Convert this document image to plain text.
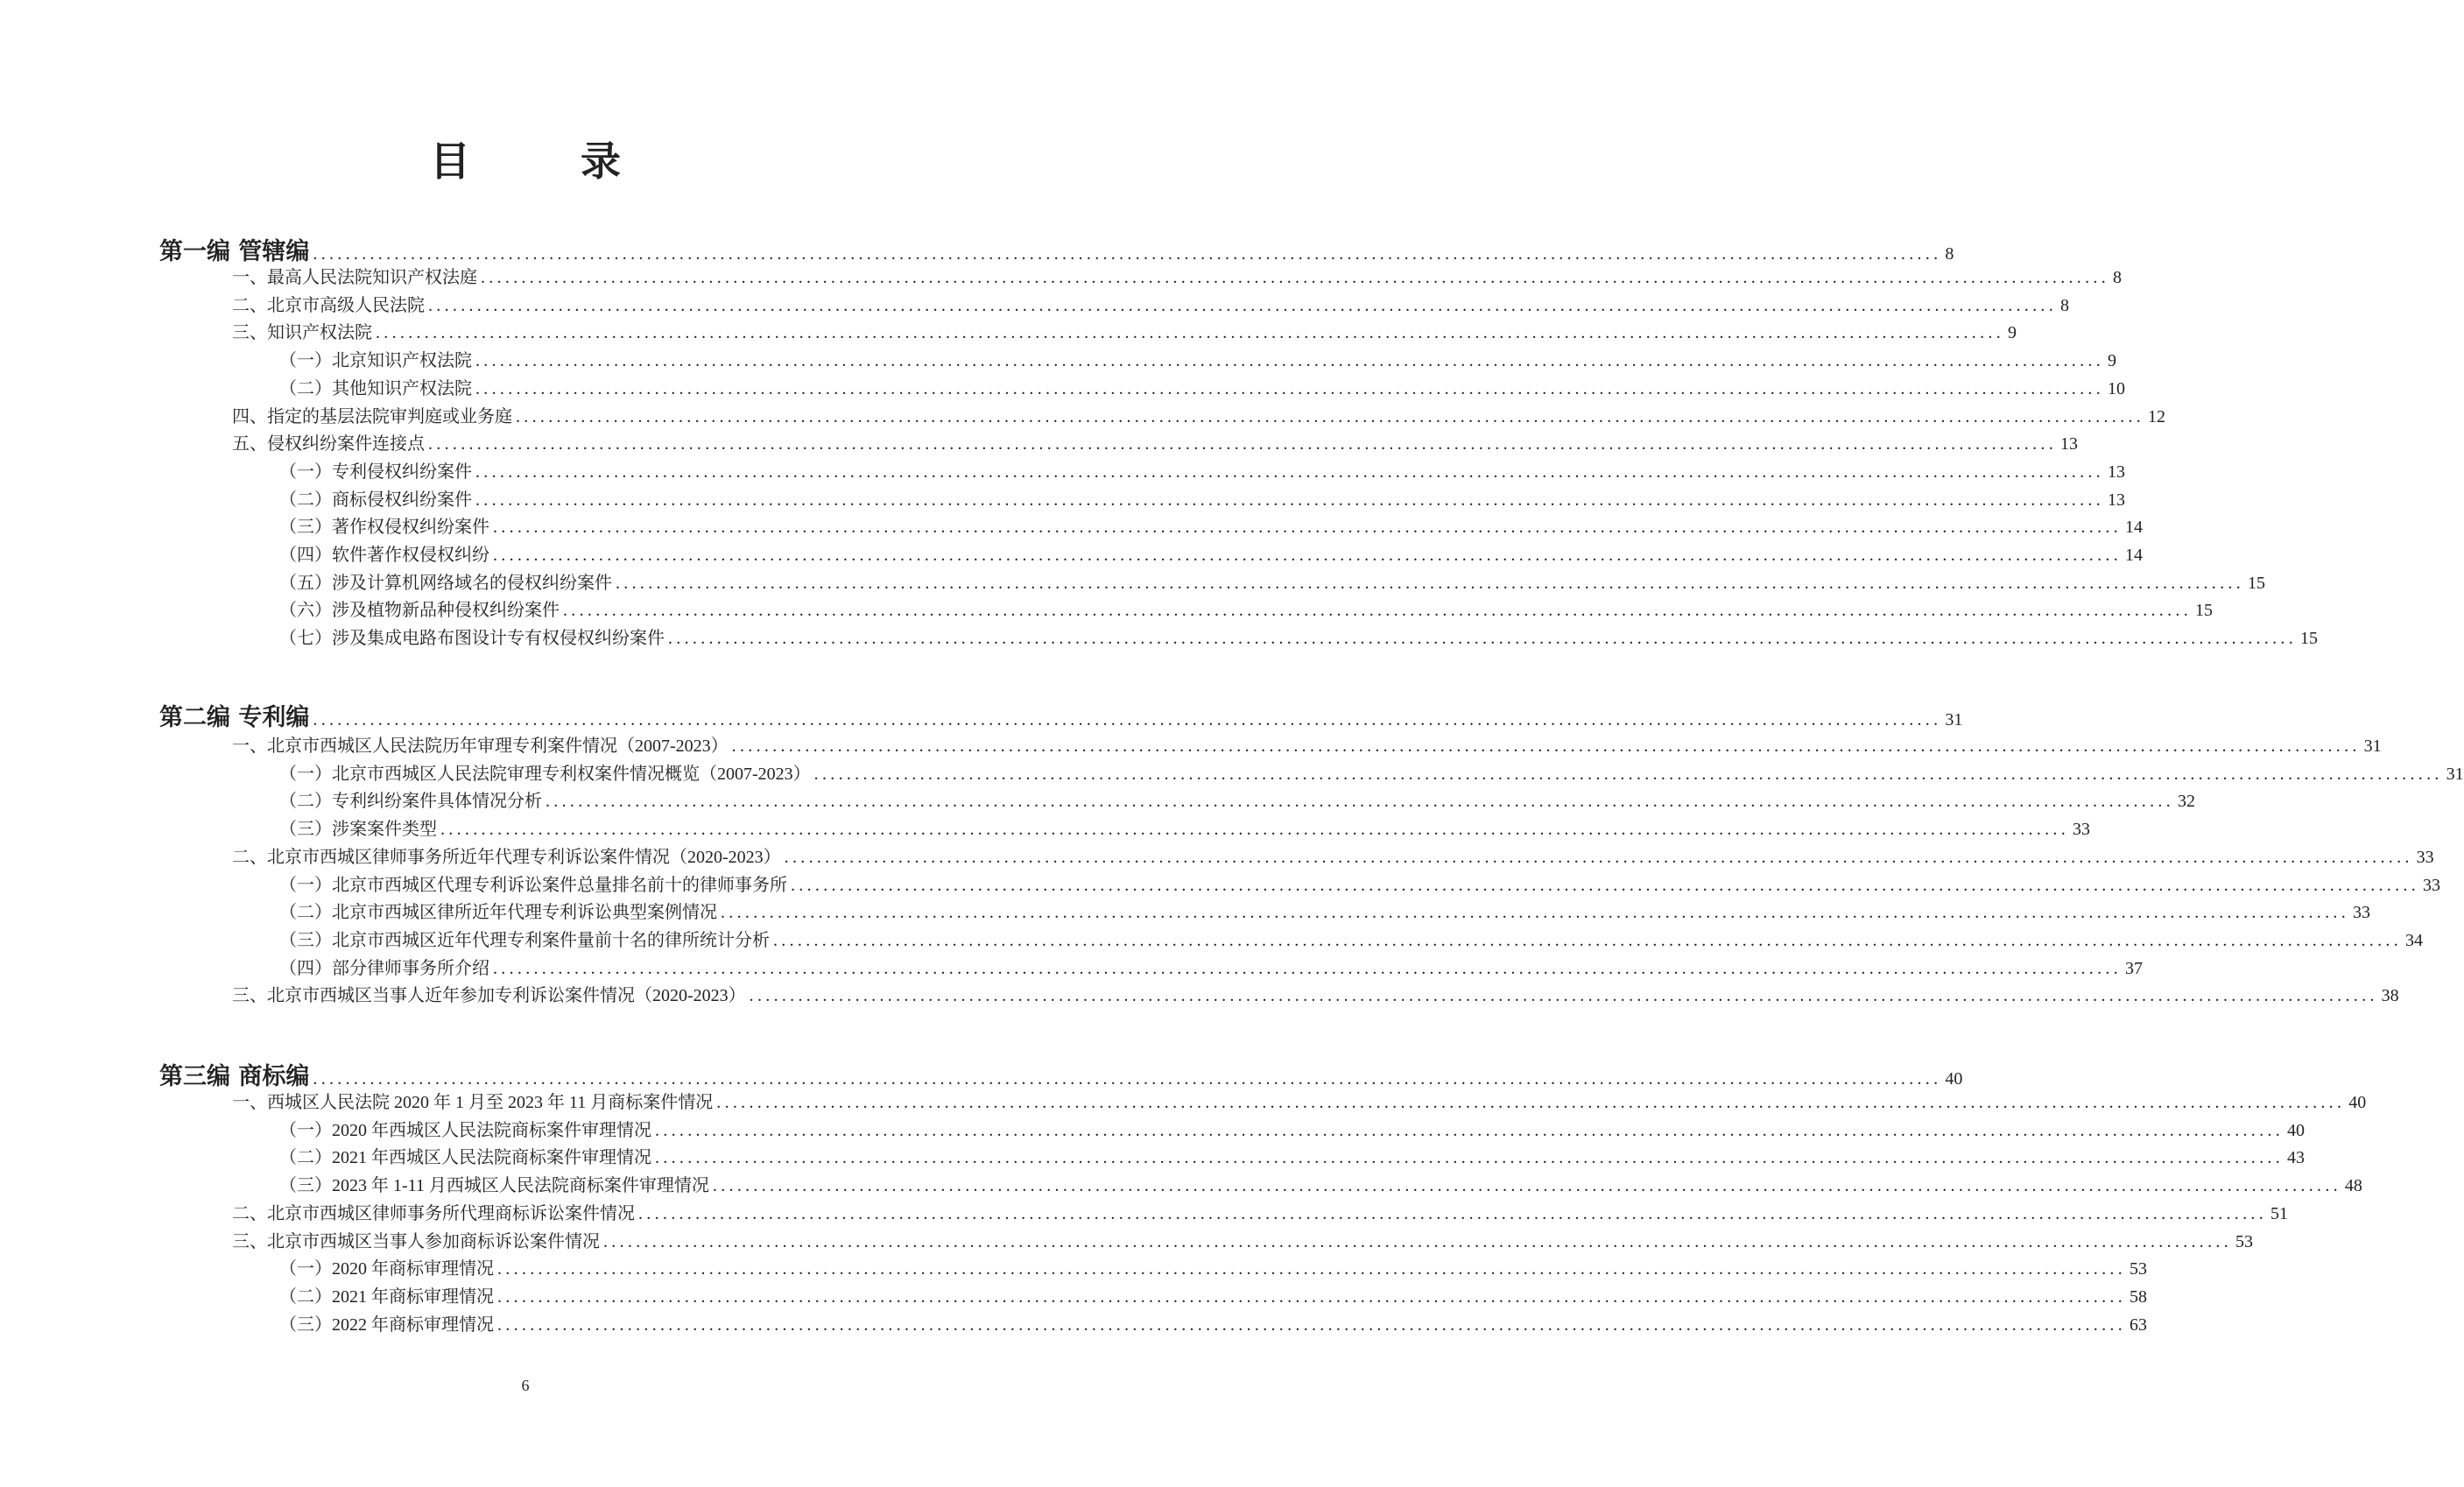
目　录
第一编 管辖编 ........................................................................................................................................................................................................ 8
一、 最高人民法院知识产权法庭 ........................................................................................................................................................................................................ 8
二、 北京市高级人民法院 ........................................................................................................................................................................................................ 8
三、 知识产权法院 ........................................................................................................................................................................................................ 9
（一） 北京知识产权法院 ........................................................................................................................................................................................................ 9
（二） 其他知识产权法院 ........................................................................................................................................................................................................ 10
四、 指定的基层法院审判庭或业务庭 ........................................................................................................................................................................................................ 12
五、 侵权纠纷案件连接点 ........................................................................................................................................................................................................ 13
（一） 专利侵权纠纷案件 ........................................................................................................................................................................................................ 13
（二） 商标侵权纠纷案件 ........................................................................................................................................................................................................ 13
（三） 著作权侵权纠纷案件 ........................................................................................................................................................................................................ 14
（四） 软件著作权侵权纠纷 ........................................................................................................................................................................................................ 14
（五） 涉及计算机网络域名的侵权纠纷案件 ........................................................................................................................................................................................................ 15
（六） 涉及植物新品种侵权纠纷案件 ........................................................................................................................................................................................................ 15
（七） 涉及集成电路布图设计专有权侵权纠纷案件 ........................................................................................................................................................................................................ 15
第二编 专利编 ........................................................................................................................................................................................................ 31
一、 北京市西城区人民法院历年审理专利案件情况（2007-2023） ........................................................................................................................................................................................................ 31
（一） 北京市西城区人民法院审理专利权案件情况概览（2007-2023） ........................................................................................................................................................................................................ 31
（二） 专利纠纷案件具体情况分析 ........................................................................................................................................................................................................ 32
（三） 涉案案件类型 ........................................................................................................................................................................................................ 33
二、 北京市西城区律师事务所近年代理专利诉讼案件情况（2020-2023） ........................................................................................................................................................................................................ 33
（一） 北京市西城区代理专利诉讼案件总量排名前十的律师事务所 ........................................................................................................................................................................................................ 33
（二） 北京市西城区律所近年代理专利诉讼典型案例情况 ........................................................................................................................................................................................................ 33
（三） 北京市西城区近年代理专利案件量前十名的律所统计分析 ........................................................................................................................................................................................................ 34
（四） 部分律师事务所介绍 ........................................................................................................................................................................................................ 37
三、 北京市西城区当事人近年参加专利诉讼案件情况（2020-2023） ........................................................................................................................................................................................................ 38
第三编 商标编 ........................................................................................................................................................................................................ 40
一、 西城区人民法院 2020 年 1 月至 2023 年 11 月商标案件情况 ........................................................................................................................................................................................................ 40
（一） 2020 年西城区人民法院商标案件审理情况 ........................................................................................................................................................................................................ 40
（二） 2021 年西城区人民法院商标案件审理情况 ........................................................................................................................................................................................................ 43
（三） 2023 年 1-11 月西城区人民法院商标案件审理情况 ........................................................................................................................................................................................................ 48
二、 北京市西城区律师事务所代理商标诉讼案件情况 ........................................................................................................................................................................................................ 51
三、 北京市西城区当事人参加商标诉讼案件情况 ........................................................................................................................................................................................................ 53
（一） 2020 年商标审理情况 ........................................................................................................................................................................................................ 53
（二） 2021 年商标审理情况 ........................................................................................................................................................................................................ 58
（三） 2022 年商标审理情况 ........................................................................................................................................................................................................ 63
6
